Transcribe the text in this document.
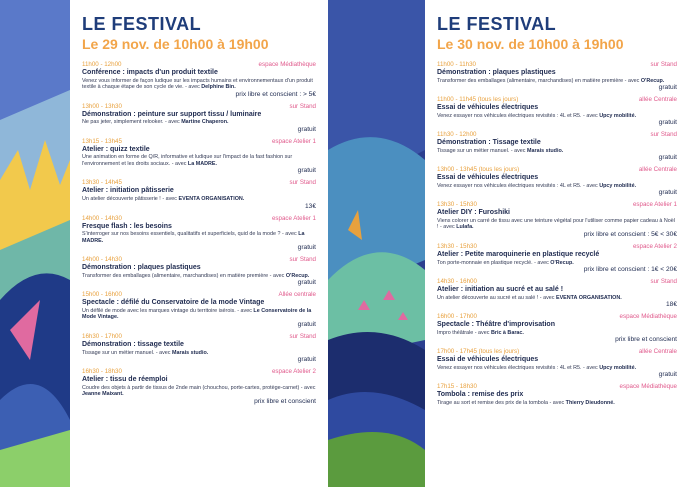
LE FESTIVAL
Le 29 nov. de 10h00 à 19h00
11h00 - 12h00	espace Médiathèque
Conférence : impacts d'un produit textile
Venez vous informer de façon ludique sur les impacts humains et environnementaux d'un produit textile à chaque étape de son cycle de vie. - avec Delphine Bin.
prix libre et conscient : > 5€
13h00 - 13h30	sur Stand
Démonstration : peinture sur support tissu / luminaire
Ne pas jeter, simplement relooker. - avec Martine Chaperon.
gratuit
13h15 - 13h45	espace Atelier 1
Atelier : quizz textile
Une animation en forme de Q/R, informative et ludique sur l'impact de la fast fashion sur l'environnement et les droits sociaux. - avec La MADRE.
gratuit
13h30 - 14h45	sur Stand
Atelier : initiation pâtisserie
Un atelier découverte pâtisserie ! - avec EVENTA ORGANISATION.
13€
14h00 - 14h30	espace Atelier 1
Fresque flash : les besoins
S'interroger sur nos besoins essentiels, qualitatifs et superficiels, quid de la mode ? - avec La MADRE.
gratuit
14h00 - 14h30	sur Stand
Démonstration : plaques plastiques
Transformer des emballages (alimentaire, marchandises) en matière première - avec O'Recup.
gratuit
15h00 - 16h00	Allée centrale
Spectacle : défilé du Conservatoire de la mode Vintage
Un défilé de mode avec les marques vintage du territoire isérois. - avec Le Conservatoire de la Mode Vintage.
gratuit
16h30 - 17h00	sur Stand
Démonstration : tissage textile
Tissage sur un métier manuel. - avec Marais studio.
gratuit
16h30 - 18h30	espace Atelier 2
Atelier : tissu de réemploi
Coudre des objets à partir de tissus de 2nde main (chouchou, porte-cartes, protège-carnet) - avec Jeanne Maixant.
prix libre et conscient
LE FESTIVAL
Le 30 nov. de 10h00 à 19h00
11h00 - 11h30	sur Stand
Démonstration : plaques plastiques
Transformer des emballages (alimentaire, marchandises) en matière première - avec O'Recup.
gratuit
11h00 - 11h45 (tous les jours)	allée Centrale
Essai de véhicules électriques
Venez essayer nos véhicules électriques revisités : 4L et R5. - avec Upcy mobilité.
gratuit
11h30 - 12h00	sur Stand
Démonstration : Tissage textile
Tissage sur un métier manuel. - avec Marais studio.
gratuit
13h00 - 13h45 (tous les jours)	allée Centrale
Essai de véhicules électriques
Venez essayer nos véhicules électriques revisités : 4L et R5. - avec Upcy mobilité.
gratuit
13h30 - 15h30	espace Atelier 1
Atelier DIY : Furoshiki
Viens colorer un carré de tissu avec une teinture végétal pour l'utiliser comme papier cadeau à Noël ! - avec Lulafa.
prix libre et conscient : 5€ < 30€
13h30 - 15h30	espace Atelier 2
Atelier : Petite maroquinerie en plastique recyclé
Ton porte-monnaie en plastique recyclé. - avec O'Recup.
prix libre et conscient : 1€ < 20€
14h30 - 16h00	sur Stand
Atelier : initiation au sucré et au salé !
Un atelier découverte au sucré et au salé ! - avec EVENTA ORGANISATION.
18€
16h00 - 17h00	espace Médiathèque
Spectacle : Théâtre d'improvisation
Impro théâtrale - avec Bric à Barac.
prix libre et conscient
17h00 - 17h45 (tous les jours)	allée Centrale
Essai de véhicules électriques
Venez essayer nos véhicules électriques revisités : 4L et R5. - avec Upcy mobilité.
gratuit
17h15 - 18h30	espace Médiathèque
Tombola : remise des prix
Tirage au sort et remise des prix de la tombola - avec Thierry Dieudonné.
